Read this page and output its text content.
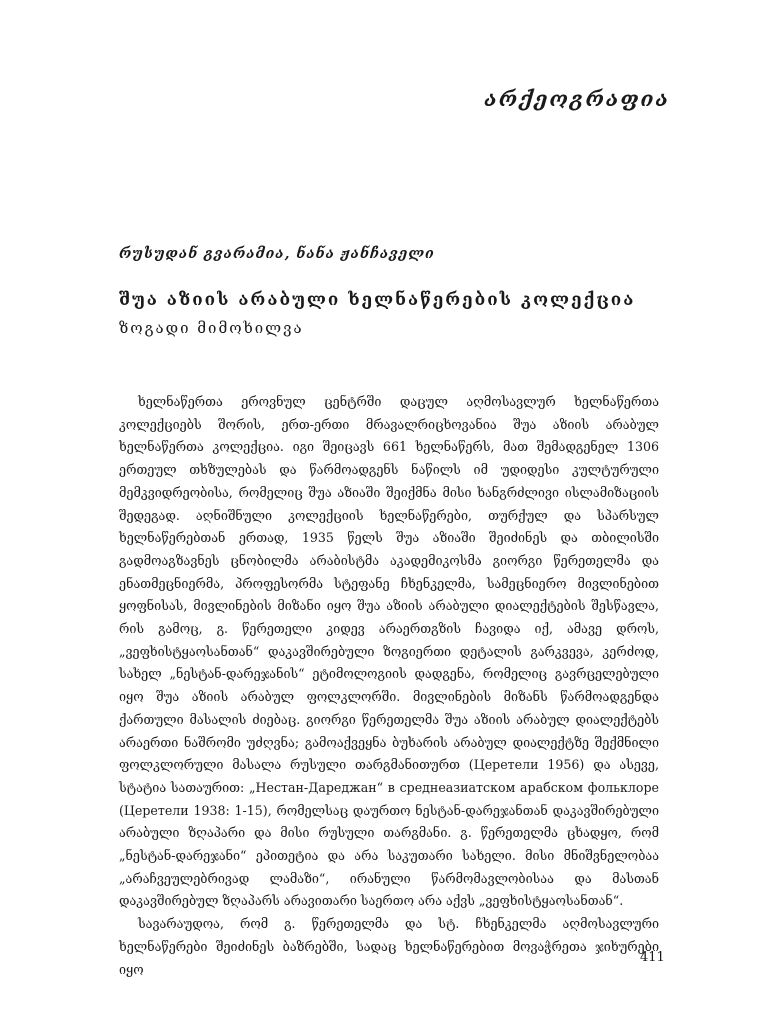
არქეოგრაფია
რუსუდან გვარამია, ნანა ჟანჩაველი
შუა აზიის არაბული ხელნაწერების კოლექცია
ზოგადი მიმოხილვა

ხელნაწერთა ეროვნულ ცენტრში დაცულ აღმოსავლურ ხელნაწერთა კოლექციებს შორის, ერთ-ერთი მრავალრიცხოვანია შუა აზიის არაბულ ხელნაწერთა კოლექცია. იგი შეიცავს 661 ხელნაწერს, მათ შემადგენელ 1306 ერთეულ თხზულებას და წარმოადგენს ნაწილს იმ უდიდესი კულტურული მემკვიდრეობისა, რომელიც შუა აზიაში შეიქმნა მისი ხანგრძლივი ისლამიზაციის შედეგად. აღნიშნული კოლექციის ხელნაწერები, თურქულ და სპარსულ ხელნაწერებთან ერთად, 1935 წელს შუა აზიაში შეიძინეს და თბილისში გადმოაგზავნეს ცნობილმა არაბისტმა აკადემიკოსმა გიორგი წერეთელმა და ენათმეცნიერმა, პროფესორმა სტეფანე ჩხენკელმა, სამეცნიერო მივლინებით ყოფნისას, მივლინების მიზანი იყო შუა აზიის არაბული დიალექტების შესწავლა, რის გამოც, გ. წერეთელი კიდევ არაერთგზის ჩავიდა იქ, ამავე დროს, „ვეფხისტყაოსანთან“ დაკავშირებული ზოგიერთი დეტალის გარკვევა, კერძოდ, სახელ „ნესტან-დარეჯანის“ ეტიმოლოგიის დადგენა, რომელიც გავრცელებული იყო შუა აზიის არაბულ ფოლკლორში. მივლინების მიზანს წარმოადგენდა ქართული მასალის ძიებაც. გიორგი წერეთელმა შუა აზიის არაბულ დიალექტებს არაერთი ნაშრომი უძღვნა; გამოაქვეყნა ბუხარის არაბულ დიალექტზე შექმნილი ფოლკლორული მასალა რუსული თარგმანითურთ (Церетели 1956) და ასევე, სტატია სათაურით: „Нестан-Дареджан“ в среднеазиатском арабском фольклоре (Церетели 1938: 1-15), რომელსაც დაურთო ნესტან-დარეჯანთან დაკავშირებული არაბული ზღაპარი და მისი რუსული თარგმანი. გ. წერეთელმა ცხადყო, რომ „ნესტან-დარეჯანი“ ეპითეტია და არა საკუთარი სახელი. მისი მნიშვნელობაა „არაჩვეულებრივად ლამაზი“, ირანული წარმომავლობისაა და მასთან დაკავშირებულ ზღაპარს არავითარი საერთო არა აქვს „ვეფხისტყაოსანთან“.

სავარაუდოა, რომ გ. წერეთელმა და სტ. ჩხენკელმა აღმოსავლური ხელნაწერები შეიძინეს ბაზრებში, სადაც ხელნაწერებით მოვაჭრეთა ჯიხურები იყო

411
